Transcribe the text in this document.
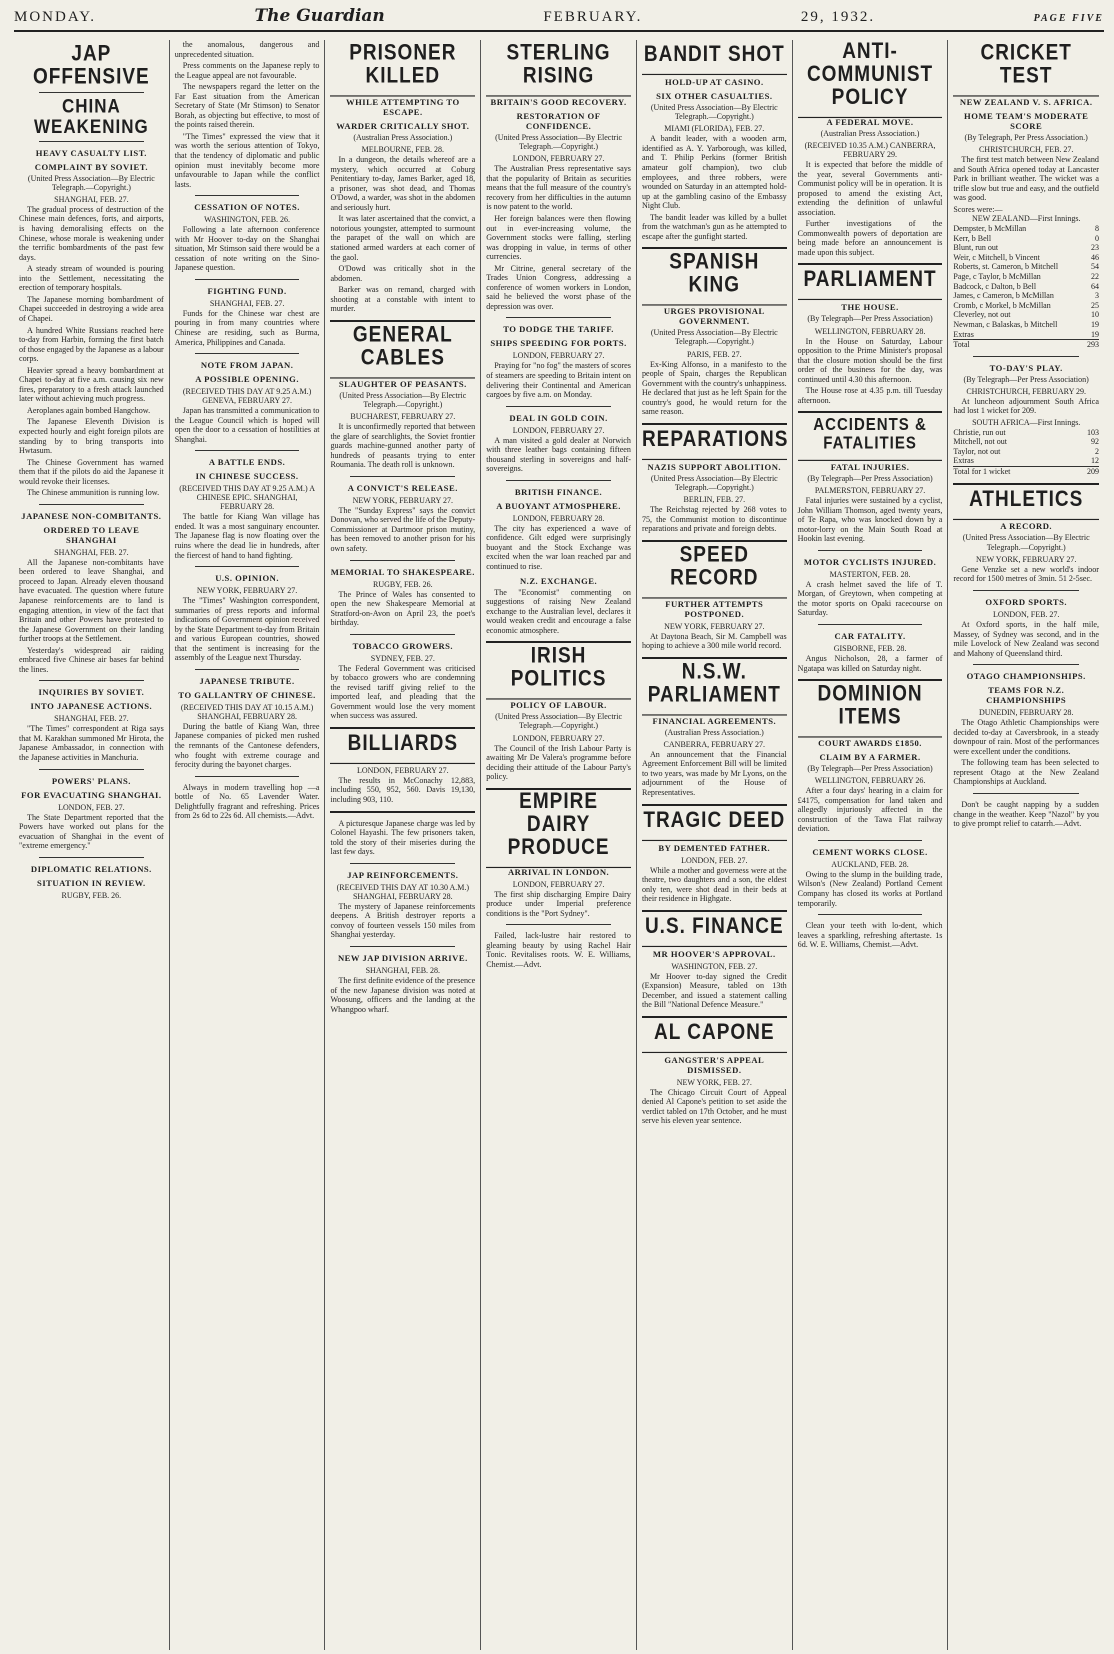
MONDAY.	The Guardian	FEBRUARY.	29, 1932.	PAGE FIVE
JAP OFFENSIVE
CHINA WEAKENING
HEAVY CASUALTY LIST.
COMPLAINT BY SOVIET.
(United Press Association—By Electric Telegraph.—Copyright.)
SHANGHAI, FEB. 27.

The gradual process of destruction of the Chinese main defences, forts, and airports, is having demoralising effects on the Chinese, whose morale is weakening under the terrific bombardments of the past few days.

A steady stream of wounded is pouring into the Settlement, necessitating the erection of temporary hospitals.

The Japanese morning bombardment of Chapei succeeded in destroying a wide area of Chapei.

A hundred White Russians reached here to-day from Harbin, forming the first batch of those engaged by the Japanese as a labour corps.

Heavier spread a heavy bombardment at Chapei to-day at five a.m. causing six new fires, preparatory to a fresh attack launched later without achieving much progress.

Aeroplanes again bombed Hangchow.

The Japanese Eleventh Division is expected hourly and eight foreign pilots are standing by to bring transports into Hwtasum.

The Chinese Government has warned them that if the pilots do aid the Japanese it would revoke their licenses.

The Chinese ammunition is running low.

JAPANESE NON-COMBITANTS.
ORDERED TO LEAVE SHANGHAI
SHANGHAI, FEB. 27.

All the Japanese non-combitants have been ordered to leave Shanghai, and proceed to Japan. Already eleven thousand have evacuated. The question where future Japanese reinforcements are to land is engaging attention, in view of the fact that Britain and other Powers have protested to the Japanese Government on their landing further troops at the Settlement.

Yesterday's widespread air raiding embraced five Chinese air bases far behind the lines.

INQUIRIES BY SOVIET.
INTO JAPANESE ACTIONS.
SHANGHAI, FEB. 27.

"The Times" correspondent at Riga says that M. Karakhan summoned Mr Hirota, the Japanese Ambassador, in connection with the Japanese activities in Manchuria.

POWERS' PLANS.
FOR EVACUATING SHANGHAI.
LONDON, FEB. 27.

The State Department reported that the Powers have worked out plans for the evacuation of Shanghai in the event of "extreme emergency."

DIPLOMATIC RELATIONS.
SITUATION IN REVIEW.
RUGBY, FEB. 26.

the anomalous, dangerous and unprecedented situation.

Press comments on the Japanese reply to the League appeal are not favourable.

The newspapers regard the letter on the Far East situation from the American Secretary of State (Mr Stimson) to Senator Borah, as objecting but effective, to most of the points raised therein.

"The Times" expressed the view that it was worth the serious attention of Tokyo, that the tendency of diplomatic and public opinion must inevitably become more unfavourable to Japan while the conflict lasts.

CESSATION OF NOTES.
WASHINGTON, FEB. 26.

Following a late afternoon conference with Mr Hoover to-day on the Shanghai situation, Mr Stimson said there would be a cessation of note writing on the Sino-Japanese question.

FIGHTING FUND.
SHANGHAI, FEB. 27.

Funds for the Chinese war chest are pouring in from many countries where Chinese are residing, such as Burma, America, Philippines and Canada.

NOTE FROM JAPAN.
A POSSIBLE OPENING.
(RECEIVED THIS DAY AT 9.25 A.M.) GENEVA, FEBRUARY 27.

Japan has transmitted a communication to the League Council which is hoped will open the door to a cessation of hostilities at Shanghai.

A BATTLE ENDS.
IN CHINESE SUCCESS.
(RECEIVED THIS DAY AT 9.25 A.M.) A CHINESE EPIC. SHANGHAI, FEBRUARY 28.

The battle for Kiang Wan village has ended. It was a most sanguinary encounter. The Japanese flag is now floating over the ruins where the dead lie in hundreds, after the fiercest of hand to hand fighting.

U.S. OPINION.
NEW YORK, FEBRUARY 27.

The "Times" Washington correspondent, summaries of press reports and informal indications of Government opinion received by the State Department to-day from Britain and various European countries, showed that the sentiment is increasing for the assembly of the League next Thursday.

JAPANESE TRIBUTE.
TO GALLANTRY OF CHINESE.
(RECEIVED THIS DAY AT 10.15 A.M.) SHANGHAI, FEBRUARY 28.

During the battle of Kiang Wan, three Japanese companies of picked men rushed the remnants of the Cantonese defenders, who fought with extreme courage and ferocity during the bayonet charges.

Always in modern travelling hop —a bottle of No. 65 Lavender Water. Delightfully fragrant and refreshing. Prices from 2s 6d to 22s 6d. All chemists.—Advt.

PRISONER KILLED
WHILE ATTEMPTING TO ESCAPE.
WARDER CRITICALLY SHOT.
(Australian Press Association.)
MELBOURNE, FEB. 28.

In a dungeon, the details whereof are a mystery, which occurred at Coburg Penitentiary to-day, James Barker, aged 18, a prisoner, was shot dead, and Thomas O'Dowd, a warder, was shot in the abdomen and seriously hurt.

It was later ascertained that the convict, a notorious youngster, attempted to surmount the parapet of the wall on which are stationed armed warders at each corner of the gaol.

O'Dowd was critically shot in the abdomen.

Barker was on remand, charged with shooting at a constable with intent to murder.

GENERAL CABLES
SLAUGHTER OF PEASANTS.
(United Press Association—By Electric Telegraph.—Copyright.)
BUCHAREST, FEBRUARY 27.

It is unconfirmedly reported that between the glare of searchlights, the Soviet frontier guards machine-gunned another party of hundreds of peasants trying to enter Roumania. The death roll is unknown.

A CONVICT'S RELEASE.
NEW YORK, FEBRUARY 27.

The "Sunday Express" says the convict Donovan, who served the life of the Deputy-Commissioner at Dartmoor prison mutiny, has been removed to another prison for his own safety.

MEMORIAL TO SHAKESPEARE.
RUGBY, FEB. 26.

The Prince of Wales has consented to open the new Shakespeare Memorial at Stratford-on-Avon on April 23, the poet's birthday.

TOBACCO GROWERS.
SYDNEY, FEB. 27.

The Federal Government was criticised by tobacco growers who are condemning the revised tariff giving relief to the imported leaf, and pleading that the Government would lose the very moment when success was assured.

BILLIARDS
LONDON, FEBRUARY 27.

The results in McConachy 12,883, including 550, 952, 560. Davis 19,130, including 903, 110.

A picturesque Japanese charge was led by Colonel Hayashi. The few prisoners taken, told the story of their miseries during the last few days.

JAP REINFORCEMENTS.
(RECEIVED THIS DAY AT 10.30 A.M.) SHANGHAI, FEBRUARY 28.

The mystery of Japanese reinforcements deepens. A British destroyer reports a convoy of fourteen vessels 150 miles from Shanghai yesterday.

NEW JAP DIVISION ARRIVE.
SHANGHAI, FEB. 28.

The first definite evidence of the presence of the new Japanese division was noted at Woosung, officers and the landing at the Whangpoo wharf.

STERLING RISING
BRITAIN'S GOOD RECOVERY.
RESTORATION OF CONFIDENCE.
(United Press Association—By Electric Telegraph.—Copyright.)
LONDON, FEBRUARY 27.

The Australian Press representative says that the popularity of Britain as securities means that the full measure of the country's recovery from her difficulties in the autumn is now patent to the world.

Her foreign balances were then flowing out in ever-increasing volume, the Government stocks were falling, sterling was dropping in value, in terms of other currencies.

Mr Citrine, general secretary of the Trades Union Congress, addressing a conference of women workers in London, said he believed the worst phase of the depression was over.

TO DODGE THE TARIFF.
SHIPS SPEEDING FOR PORTS.
LONDON, FEBRUARY 27.

Praying for "no fog" the masters of scores of steamers are speeding to Britain intent on delivering their Continental and American cargoes by five a.m. on Monday.

DEAL IN GOLD COIN.
LONDON, FEBRUARY 27.

A man visited a gold dealer at Norwich with three leather bags containing fifteen thousand sterling in sovereigns and half-sovereigns.

BRITISH FINANCE.
A BUOYANT ATMOSPHERE.
LONDON, FEBRUARY 28.

The city has experienced a wave of confidence. Gilt edged were surprisingly buoyant and the Stock Exchange was excited when the war loan reached par and continued to rise.

N.Z. EXCHANGE.

The "Economist" commenting on suggestions of raising New Zealand exchange to the Australian level, declares it would weaken credit and encourage a false economic atmosphere.

IRISH POLITICS
POLICY OF LABOUR.
(United Press Association—By Electric Telegraph.—Copyright.)
LONDON, FEBRUARY 27.

The Council of the Irish Labour Party is awaiting Mr De Valera's programme before deciding their attitude of the Labour Party's policy.

EMPIRE DAIRY PRODUCE
ARRIVAL IN LONDON.
LONDON, FEBRUARY 27.

The first ship discharging Empire Dairy produce under Imperial preference conditions is the "Port Sydney".

Failed, lack-lustre hair restored to gleaming beauty by using Rachel Hair Tonic. Revitalises roots. W. E. Williams, Chemist.—Advt.

BANDIT SHOT
HOLD-UP AT CASINO.
SIX OTHER CASUALTIES.
(United Press Association—By Electric Telegraph.—Copyright.)
MIAMI (FLORIDA), FEB. 27.

A bandit leader, with a wooden arm, identified as A. Y. Yarborough, was killed, and T. Philip Perkins (former British amateur golf champion), two club employees, and three robbers, were wounded on Saturday in an attempted hold-up at the gambling casino of the Embassy Night Club.

The bandit leader was killed by a bullet from the watchman's gun as he attempted to escape after the gunfight started.

SPANISH KING
URGES PROVISIONAL GOVERNMENT.
(United Press Association—By Electric Telegraph.—Copyright.)
PARIS, FEB. 27.

Ex-King Alfonso, in a manifesto to the people of Spain, charges the Republican Government with the country's unhappiness. He declared that just as he left Spain for the country's good, he would return for the same reason.

REPARATIONS
NAZIS SUPPORT ABOLITION.
(United Press Association—By Electric Telegraph.—Copyright.)
BERLIN, FEB. 27.

The Reichstag rejected by 268 votes to 75, the Communist motion to discontinue reparations and private and foreign debts.

SPEED RECORD
FURTHER ATTEMPTS POSTPONED.
NEW YORK, FEBRUARY 27.

At Daytona Beach, Sir M. Campbell was hoping to achieve a 300 mile world record.

N.S.W. PARLIAMENT
FINANCIAL AGREEMENTS.
(Australian Press Association.)
CANBERRA, FEBRUARY 27.

An announcement that the Financial Agreement Enforcement Bill will be limited to two years, was made by Mr Lyons, on the adjournment of the House of Representatives.

TRAGIC DEED
BY DEMENTED FATHER.
LONDON, FEB. 27.

While a mother and governess were at the theatre, two daughters and a son, the eldest only ten, were shot dead in their beds at their residence in Highgate.

U.S. FINANCE
MR HOOVER'S APPROVAL.
WASHINGTON, FEB. 27.

Mr Hoover to-day signed the Credit (Expansion) Measure, tabled on 13th December, and issued a statement calling the Bill "National Defence Measure."

AL CAPONE
GANGSTER'S APPEAL DISMISSED.
NEW YORK, FEB. 27.

The Chicago Circuit Court of Appeal denied Al Capone's petition to set aside the verdict tabled on 17th October, and he must serve his eleven year sentence.

ANTI-COMMUNIST POLICY
A FEDERAL MOVE.
(Australian Press Association.)
(RECEIVED 10.35 A.M.) CANBERRA, FEBRUARY 29.

It is expected that before the middle of the year, several Governments anti-Communist policy will be in operation. It is proposed to amend the existing Act, extending the definition of unlawful association.

Further investigations of the Commonwealth powers of deportation are being made before an announcement is made upon this subject.

PARLIAMENT
THE HOUSE.
(By Telegraph—Per Press Association)
WELLINGTON, FEBRUARY 28.

In the House on Saturday, Labour opposition to the Prime Minister's proposal that the closure motion should be the first order of the business for the day, was continued until 4.30 this afternoon.

The House rose at 4.35 p.m. till Tuesday afternoon.

ACCIDENTS & FATALITIES
FATAL INJURIES.
(By Telegraph—Per Press Association)
PALMERSTON, FEBRUARY 27.

Fatal injuries were sustained by a cyclist, John William Thomson, aged twenty years, of Te Rapa, who was knocked down by a motor-lorry on the Main South Road at Hookin last evening.

MOTOR CYCLISTS INJURED.
MASTERTON, FEB. 28.

A crash helmet saved the life of T. Morgan, of Greytown, when competing at the motor sports on Opaki racecourse on Saturday.

CAR FATALITY.
GISBORNE, FEB. 28.

Angus Nicholson, 28, a farmer of Ngatapa was killed on Saturday night.

DOMINION ITEMS
COURT AWARDS £1850.
CLAIM BY A FARMER.
(By Telegraph—Per Press Association)
WELLINGTON, FEBRUARY 26.

After a four days' hearing in a claim for £4175, compensation for land taken and allegedly injuriously affected in the construction of the Tawa Flat railway deviation.

CEMENT WORKS CLOSE.
AUCKLAND, FEB. 28.

Owing to the slump in the building trade, Wilson's (New Zealand) Portland Cement Company has closed its works at Portland temporarily.

Clean your teeth with lo-dent, which leaves a sparkling, refreshing aftertaste. 1s 6d. W. E. Williams, Chemist.—Advt.

CRICKET TEST
NEW ZEALAND V. S. AFRICA.
HOME TEAM'S MODERATE SCORE
(By Telegraph, Per Press Association.)
CHRISTCHURCH, FEB. 27.

The first test match between New Zealand and South Africa opened today at Lancaster Park in brilliant weather. The wicket was a trifle slow but true and easy, and the outfield was good.

Scores were:—
NEW ZEALAND—First Innings.
Dempster, b McMillan	8
Kerr, b Bell	0
Blunt, run out	23
Weir, c Mitchell, b Vincent	46
Roberts, st. Cameron, b Mitchell	54
Page, c Taylor, b McMillan	22
Badcock, c Dalton, b Bell	64
James, c Cameron, b McMillan	3
Cromb, c Morkel, b McMillan	25
Cleverley, not out	10
Newman, c Balaskas, b Mitchell	19
Extras	19
Total	293
TO-DAY'S PLAY.
(By Telegraph—Per Press Association)
CHRISTCHURCH, FEBRUARY 29.

At luncheon adjournment South Africa had lost 1 wicket for 209.

SOUTH AFRICA—First Innings.
Christie, run out	103
Mitchell, not out	92
Taylor, not out	2
Extras	12
Total for 1 wicket	209
ATHLETICS
A RECORD.
(United Press Association—By Electric Telegraph.—Copyright.)
NEW YORK, FEBRUARY 27.

Gene Venzke set a new world's indoor record for 1500 metres of 3min. 51 2-5sec.

OXFORD SPORTS.
LONDON, FEB. 27.

At Oxford sports, in the half mile, Massey, of Sydney was second, and in the mile Lovelock of New Zealand was second and Mahony of Queensland third.

OTAGO CHAMPIONSHIPS.
TEAMS FOR N.Z. CHAMPIONSHIPS
DUNEDIN, FEBRUARY 28.

The Otago Athletic Championships were decided to-day at Caversbrook, in a steady downpour of rain. Most of the performances were excellent under the conditions.

The following team has been selected to represent Otago at the New Zealand Championships at Auckland.

Don't be caught napping by a sudden change in the weather. Keep "Nazol" by you to give prompt relief to catarrh.—Advt.
